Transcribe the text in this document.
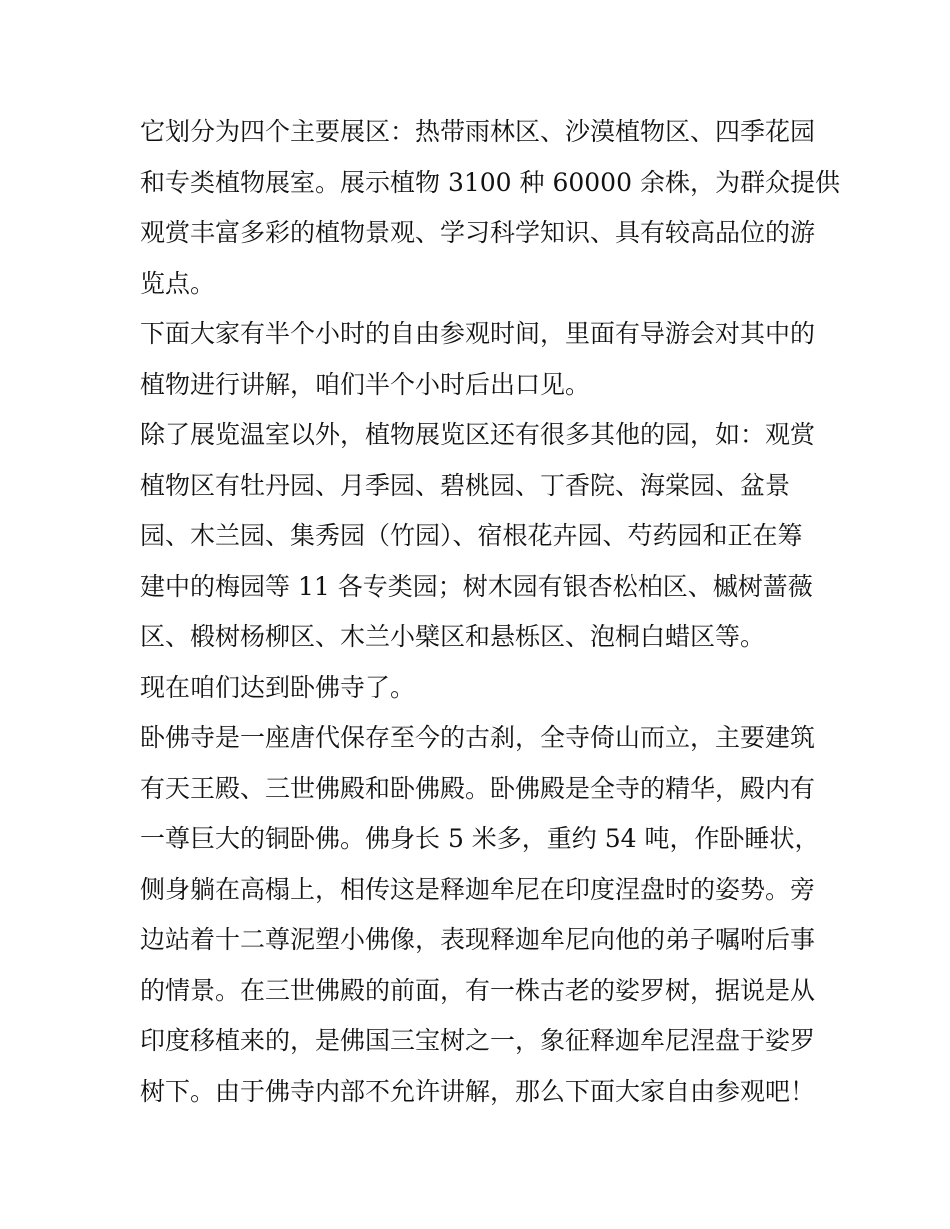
它划分为四个主要展区：热带雨林区、沙漠植物区、四季花园
和专类植物展室。展示植物 3100 种 60000 余株，为群众提供
观赏丰富多彩的植物景观、学习科学知识、具有较高品位的游
览点。
下面大家有半个小时的自由参观时间，里面有导游会对其中的
植物进行讲解，咱们半个小时后出口见。
除了展览温室以外，植物展览区还有很多其他的园，如：观赏
植物区有牡丹园、月季园、碧桃园、丁香院、海棠园、盆景
园、木兰园、集秀园（竹园）、宿根花卉园、芍药园和正在筹
建中的梅园等 11 各专类园；树木园有银杏松柏区、槭树蔷薇
区、椴树杨柳区、木兰小檗区和悬栎区、泡桐白蜡区等。
现在咱们达到卧佛寺了。
卧佛寺是一座唐代保存至今的古刹，全寺倚山而立，主要建筑
有天王殿、三世佛殿和卧佛殿。卧佛殿是全寺的精华，殿内有
一尊巨大的铜卧佛。佛身长 5 米多，重约 54 吨，作卧睡状，
侧身躺在高榻上，相传这是释迦牟尼在印度涅盘时的姿势。旁
边站着十二尊泥塑小佛像，表现释迦牟尼向他的弟子嘱咐后事
的情景。在三世佛殿的前面，有一株古老的娑罗树，据说是从
印度移植来的，是佛国三宝树之一，象征释迦牟尼涅盘于娑罗
树下。由于佛寺内部不允许讲解，那么下面大家自由参观吧！
